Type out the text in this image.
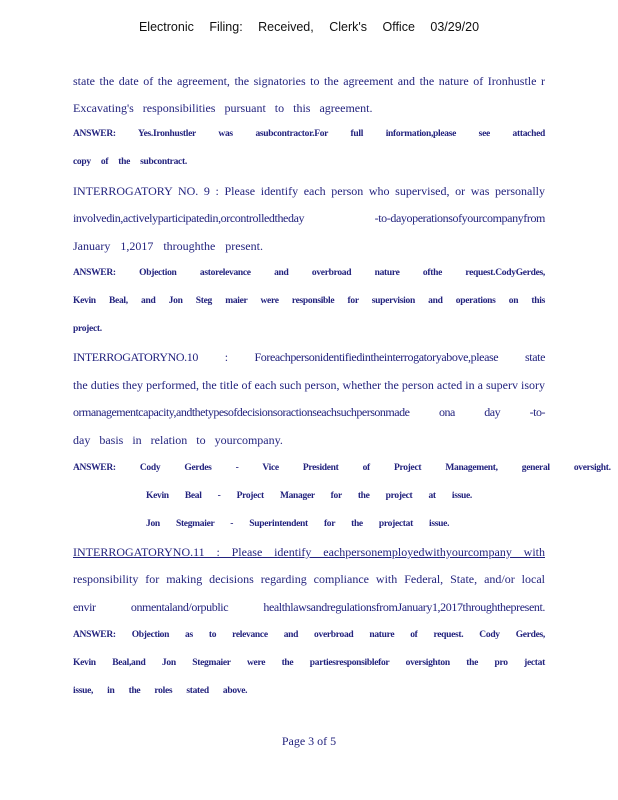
Electronic Filing: Received, Clerk's Office 03/29/20
state the date of the agreement, the signatories to the agreement and the nature of Ironhustle r
Excavating's responsibilities pursuant to this agreement.
ANSWER: Yes.Ironhustler was asubcontractor.For full information,please see attached
copy of the subcontract.
INTERROGATORY NO. 9 : Please identify each person who supervised, or was personally
involvedin,activelyparticipatedin,orcontrolledtheday -to-dayoperationsofyourcompanyfrom
January 1,2017 throughthe present.
ANSWER: Objection astorelevance and overbroad nature ofthe request.CodyGerdes,
Kevin Beal, and Jon Steg maier were responsible for supervision and operations on this
project.
INTERROGATORYNO.10 : Foreachpersonidentifiedintheinterrogatoryabove,please state
the duties they performed, the title of each such person, whether the person acted in a superv isory
ormanagementcapacity,andthetypesofdecisionsoractionseachsuchpersonmade ona day -to-
day basis in relation to yourcompany.
ANSWER: Cody Gerdes - Vice President of Project Management, general oversight.
Kevin Beal - Project Manager for the project at issue.
Jon Stegmaier - Superintendent for the projectat issue.
INTERROGATORYNO.11 : Please identify eachpersonemployedwithyourcompany with
responsibility for making decisions regarding compliance with Federal, State, and/or local
envir onmentaland/orpublic healthlawsandregulationsfromJanuary1,2017throughthepresent.
ANSWER: Objection as to relevance and overbroad nature of request. Cody Gerdes,
Kevin Beal,and Jon Stegmaier were the partiesresponsiblefor oversighton the pro jectat
issue, in the roles stated above.
Page 3 of 5
